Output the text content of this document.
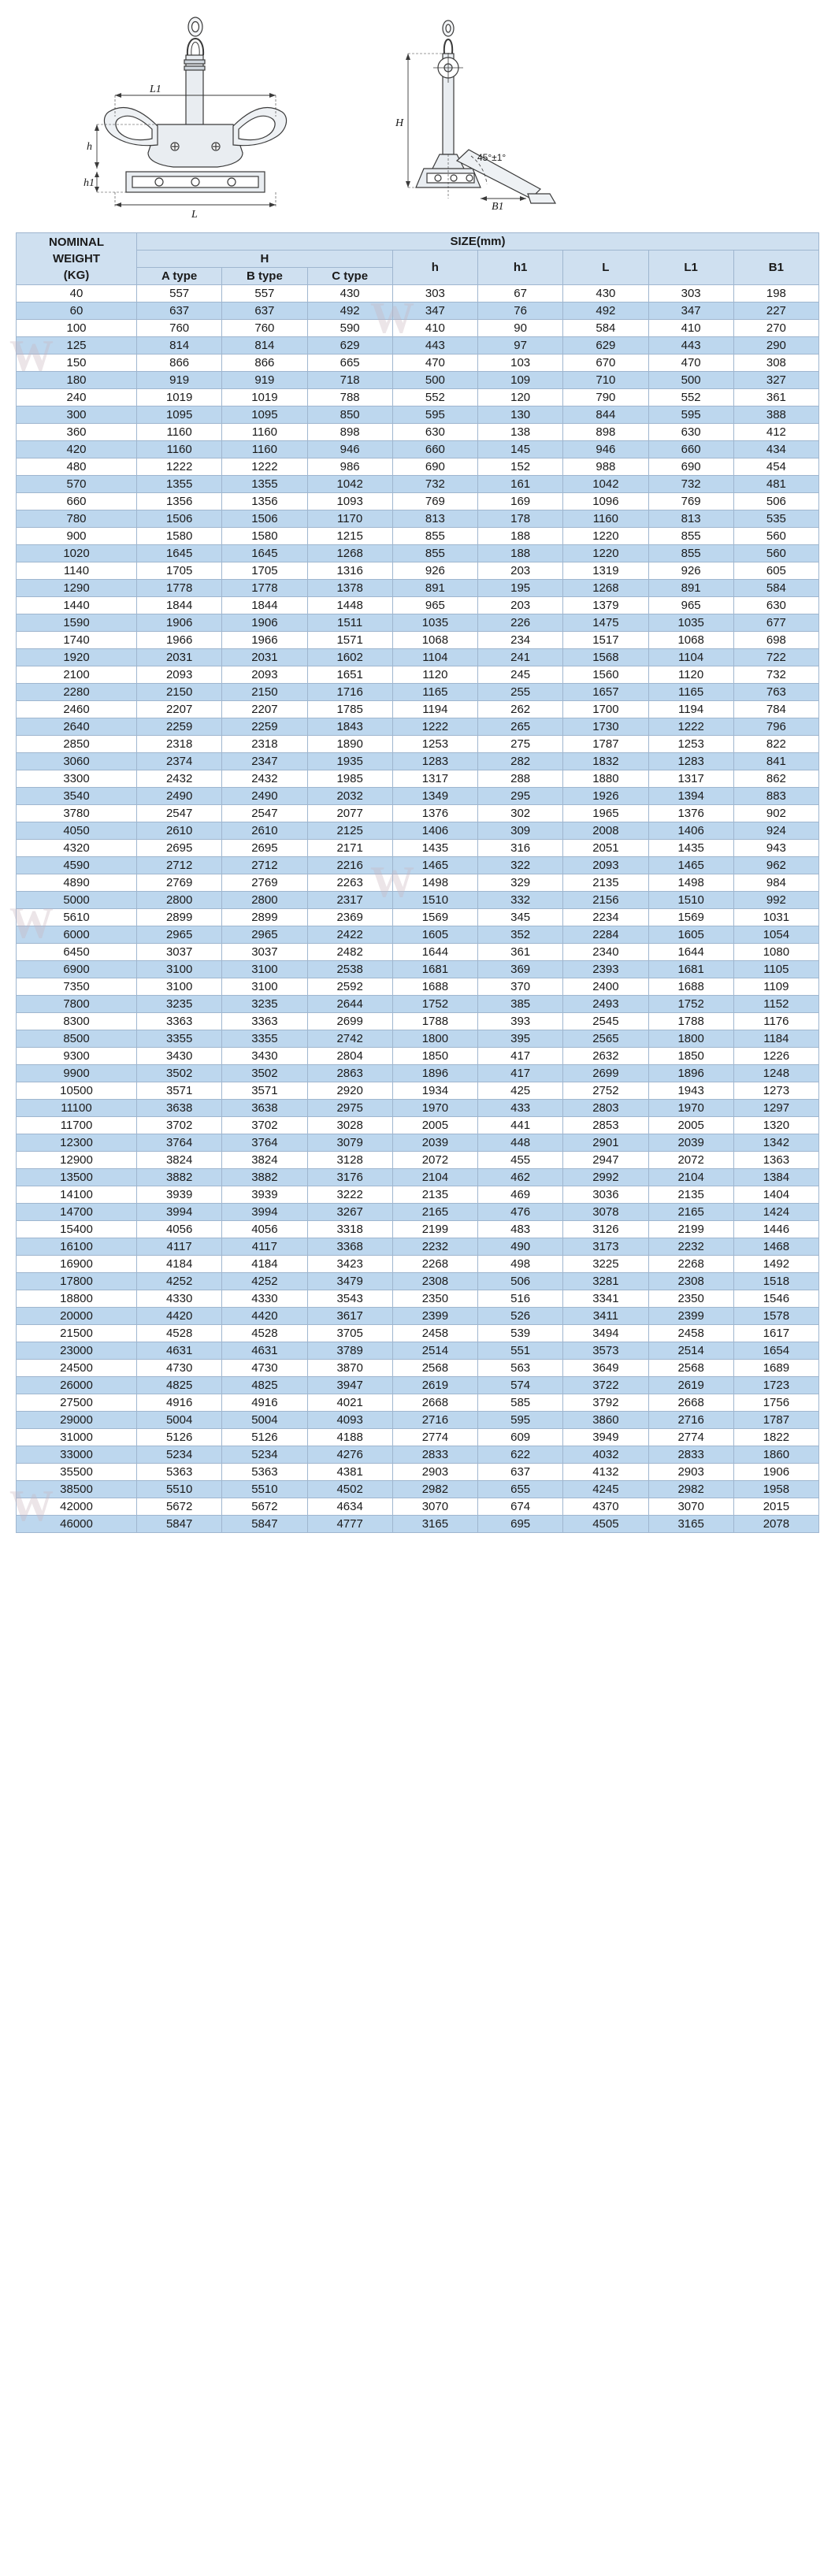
L1
h
h1
L
H
B1
45°±1°
NOMINAL
WEIGHT
(KG)	SIZE(mm)							
	H			h	h1	L	L1	B1
	A type	B type	C type					
40	557	557	430	303	67	430	303	198
60	637	637	492	347	76	492	347	227
100	760	760	590	410	90	584	410	270
125	814	814	629	443	97	629	443	290
150	866	866	665	470	103	670	470	308
180	919	919	718	500	109	710	500	327
240	1019	1019	788	552	120	790	552	361
300	1095	1095	850	595	130	844	595	388
360	1160	1160	898	630	138	898	630	412
420	1160	1160	946	660	145	946	660	434
480	1222	1222	986	690	152	988	690	454
570	1355	1355	1042	732	161	1042	732	481
660	1356	1356	1093	769	169	1096	769	506
780	1506	1506	1170	813	178	1160	813	535
900	1580	1580	1215	855	188	1220	855	560
1020	1645	1645	1268	855	188	1220	855	560
1140	1705	1705	1316	926	203	1319	926	605
1290	1778	1778	1378	891	195	1268	891	584
1440	1844	1844	1448	965	203	1379	965	630
1590	1906	1906	1511	1035	226	1475	1035	677
1740	1966	1966	1571	1068	234	1517	1068	698
1920	2031	2031	1602	1104	241	1568	1104	722
2100	2093	2093	1651	1120	245	1560	1120	732
2280	2150	2150	1716	1165	255	1657	1165	763
2460	2207	2207	1785	1194	262	1700	1194	784
2640	2259	2259	1843	1222	265	1730	1222	796
2850	2318	2318	1890	1253	275	1787	1253	822
3060	2374	2347	1935	1283	282	1832	1283	841
3300	2432	2432	1985	1317	288	1880	1317	862
3540	2490	2490	2032	1349	295	1926	1394	883
3780	2547	2547	2077	1376	302	1965	1376	902
4050	2610	2610	2125	1406	309	2008	1406	924
4320	2695	2695	2171	1435	316	2051	1435	943
4590	2712	2712	2216	1465	322	2093	1465	962
4890	2769	2769	2263	1498	329	2135	1498	984
5000	2800	2800	2317	1510	332	2156	1510	992
5610	2899	2899	2369	1569	345	2234	1569	1031
6000	2965	2965	2422	1605	352	2284	1605	1054
6450	3037	3037	2482	1644	361	2340	1644	1080
6900	3100	3100	2538	1681	369	2393	1681	1105
7350	3100	3100	2592	1688	370	2400	1688	1109
7800	3235	3235	2644	1752	385	2493	1752	1152
8300	3363	3363	2699	1788	393	2545	1788	1176
8500	3355	3355	2742	1800	395	2565	1800	1184
9300	3430	3430	2804	1850	417	2632	1850	1226
9900	3502	3502	2863	1896	417	2699	1896	1248
10500	3571	3571	2920	1934	425	2752	1943	1273
11100	3638	3638	2975	1970	433	2803	1970	1297
11700	3702	3702	3028	2005	441	2853	2005	1320
12300	3764	3764	3079	2039	448	2901	2039	1342
12900	3824	3824	3128	2072	455	2947	2072	1363
13500	3882	3882	3176	2104	462	2992	2104	1384
14100	3939	3939	3222	2135	469	3036	2135	1404
14700	3994	3994	3267	2165	476	3078	2165	1424
15400	4056	4056	3318	2199	483	3126	2199	1446
16100	4117	4117	3368	2232	490	3173	2232	1468
16900	4184	4184	3423	2268	498	3225	2268	1492
17800	4252	4252	3479	2308	506	3281	2308	1518
18800	4330	4330	3543	2350	516	3341	2350	1546
20000	4420	4420	3617	2399	526	3411	2399	1578
21500	4528	4528	3705	2458	539	3494	2458	1617
23000	4631	4631	3789	2514	551	3573	2514	1654
24500	4730	4730	3870	2568	563	3649	2568	1689
26000	4825	4825	3947	2619	574	3722	2619	1723
27500	4916	4916	4021	2668	585	3792	2668	1756
29000	5004	5004	4093	2716	595	3860	2716	1787
31000	5126	5126	4188	2774	609	3949	2774	1822
33000	5234	5234	4276	2833	622	4032	2833	1860
35500	5363	5363	4381	2903	637	4132	2903	1906
38500	5510	5510	4502	2982	655	4245	2982	1958
42000	5672	5672	4634	3070	674	4370	3070	2015
46000	5847	5847	4777	3165	695	4505	3165	2078
W
W
W
W
W
